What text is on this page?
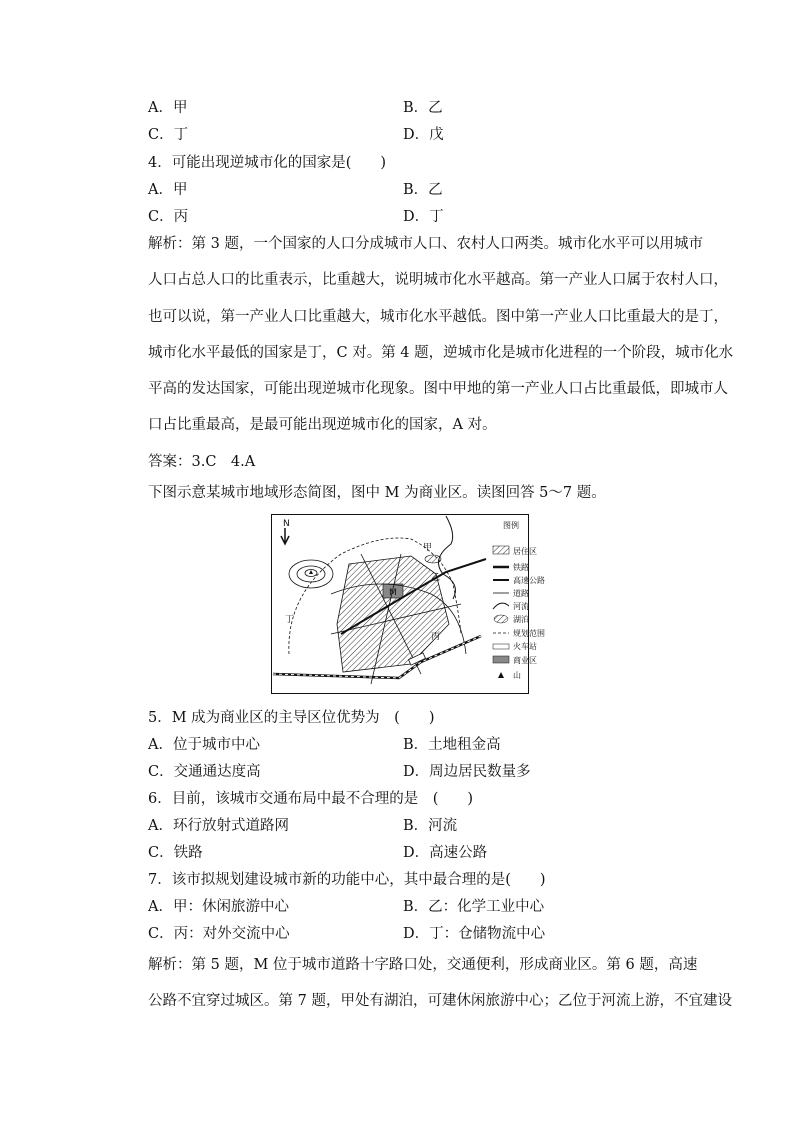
A．甲	B．乙
C．丁	D．戊
4．可能出现逆城市化的国家是(　　)
A．甲	B．乙
C．丙	D．丁
解析：第 3 题，一个国家的人口分成城市人口、农村人口两类。城市化水平可以用城市
人口占总人口的比重表示，比重越大，说明城市化水平越高。第一产业人口属于农村人口，
也可以说，第一产业人口比重越大，城市化水平越低。图中第一产业人口比重最大的是丁，
城市化水平最低的国家是丁，C 对。第 4 题，逆城市化是城市化进程的一个阶段，城市化水
平高的发达国家，可能出现逆城市化现象。图中甲地的第一产业人口占比重最低，即城市人
口占比重最高，是最可能出现逆城市化的国家，A 对。
答案：3.C　4.A
下图示意某城市地域形态简图，图中 M 为商业区。读图回答 5～7 题。
N
M
甲
乙
丙
丁
图例
居住区
铁路
高速公路
道路
河流
湖泊
规划范围
火车站
商业区
山
5．M 成为商业区的主导区位优势为　(　　)
A．位于城市中心	B．土地租金高
C．交通通达度高	D．周边居民数量多
6．目前，该城市交通布局中最不合理的是　(　　)
A．环行放射式道路网	B．河流
C．铁路	D．高速公路
7．该市拟规划建设城市新的功能中心，其中最合理的是(　　)
A．甲：休闲旅游中心	B．乙：化学工业中心
C．丙：对外交流中心	D．丁：仓储物流中心
解析：第 5 题，M 位于城市道路十字路口处，交通便利，形成商业区。第 6 题，高速
公路不宜穿过城区。第 7 题，甲处有湖泊，可建休闲旅游中心；乙位于河流上游，不宜建设
